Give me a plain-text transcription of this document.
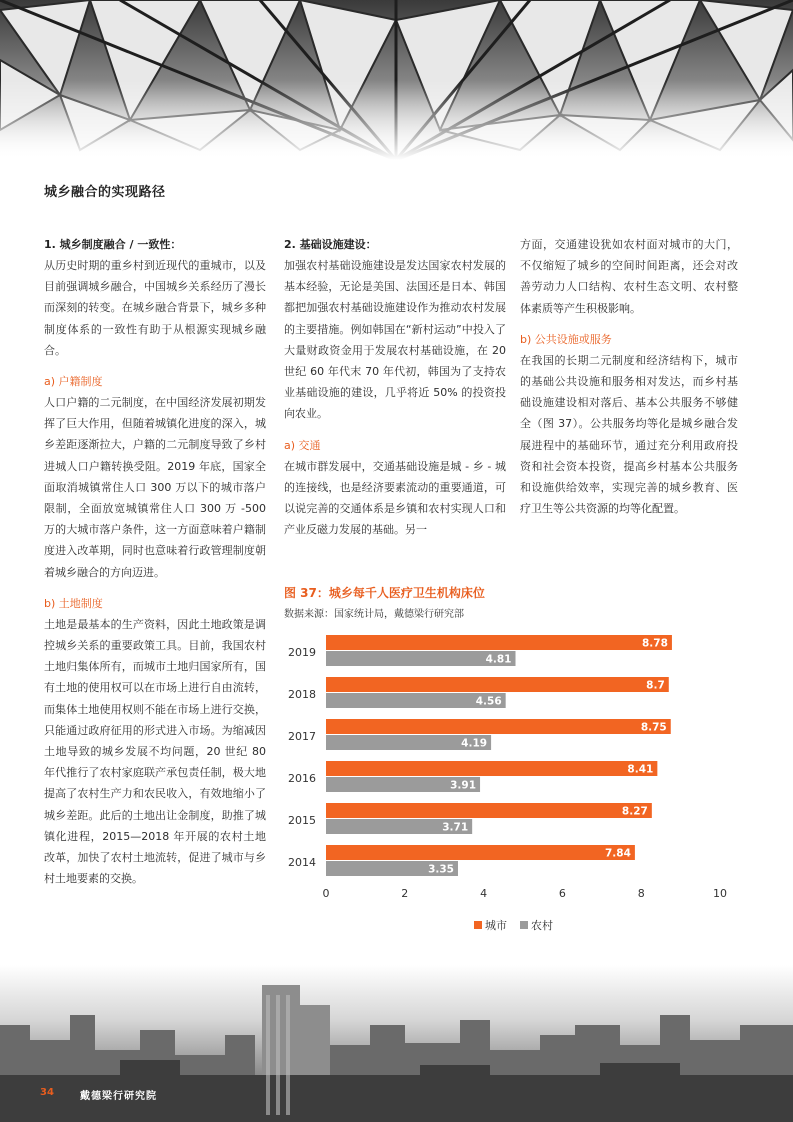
城乡融合的实现路径
1. 城乡制度融合 / 一致性：

从历史时期的重乡村到近现代的重城市，以及目前强调城乡融合，中国城乡关系经历了漫长而深刻的转变。在城乡融合背景下，城乡多种制度体系的一致性有助于从根源实现城乡融合。

a) 户籍制度

人口户籍的二元制度，在中国经济发展初期发挥了巨大作用，但随着城镇化进度的深入，城乡差距逐渐拉大，户籍的二元制度导致了乡村进城人口户籍转换受阻。2019 年底，国家全面取消城镇常住人口 300 万以下的城市落户限制，全面放宽城镇常住人口 300 万 -500 万的大城市落户条件，这一方面意味着户籍制度进入改革期，同时也意味着行政管理制度朝着城乡融合的方向迈进。

b) 土地制度

土地是最基本的生产资料，因此土地政策是调控城乡关系的重要政策工具。目前，我国农村土地归集体所有，而城市土地归国家所有，国有土地的使用权可以在市场上进行自由流转，而集体土地使用权则不能在市场上进行交换，只能通过政府征用的形式进入市场。为缩减因土地导致的城乡发展不均问题，20 世纪 80 年代推行了农村家庭联产承包责任制，极大地提高了农村生产力和农民收入，有效地缩小了城乡差距。此后的土地出让金制度，助推了城镇化进程，2015—2018 年开展的农村土地改革，加快了农村土地流转，促进了城市与乡村土地要素的交换。

2. 基础设施建设：

加强农村基础设施建设是发达国家农村发展的基本经验，无论是美国、法国还是日本、韩国都把加强农村基础设施建设作为推动农村发展的主要措施。例如韩国在“新村运动”中投入了大量财政资金用于发展农村基础设施，在 20 世纪 60 年代末 70 年代初，韩国为了支持农业基础设施的建设，几乎将近 50% 的投资投向农业。

a) 交通

在城市群发展中，交通基础设施是城 - 乡 - 城的连接线，也是经济要素流动的重要通道，可以说完善的交通体系是乡镇和农村实现人口和产业反磁力发展的基础。另一

方面，交通建设犹如农村面对城市的大门，不仅缩短了城乡的空间时间距离，还会对改善劳动力人口结构、农村生态文明、农村整体素质等产生积极影响。

b) 公共设施或服务

在我国的长期二元制度和经济结构下，城市的基础公共设施和服务相对发达，而乡村基础设施建设相对落后、基本公共服务不够健全（图 37）。公共服务均等化是城乡融合发展进程中的基础环节，通过充分利用政府投资和社会资本投资，提高乡村基本公共服务和设施供给效率，实现完善的城乡教育、医疗卫生等公共资源的均等化配置。

图 37：城乡每千人医疗卫生机构床位
数据来源：国家统计局，戴德梁行研究部
2019
8.78
4.81
2018
8.7
4.56
2017
8.75
4.19
2016
8.41
3.91
2015
8.27
3.71
2014
7.84
3.35
0	2	4	6	8	10
城市 农村
34	戴德梁行研究院
